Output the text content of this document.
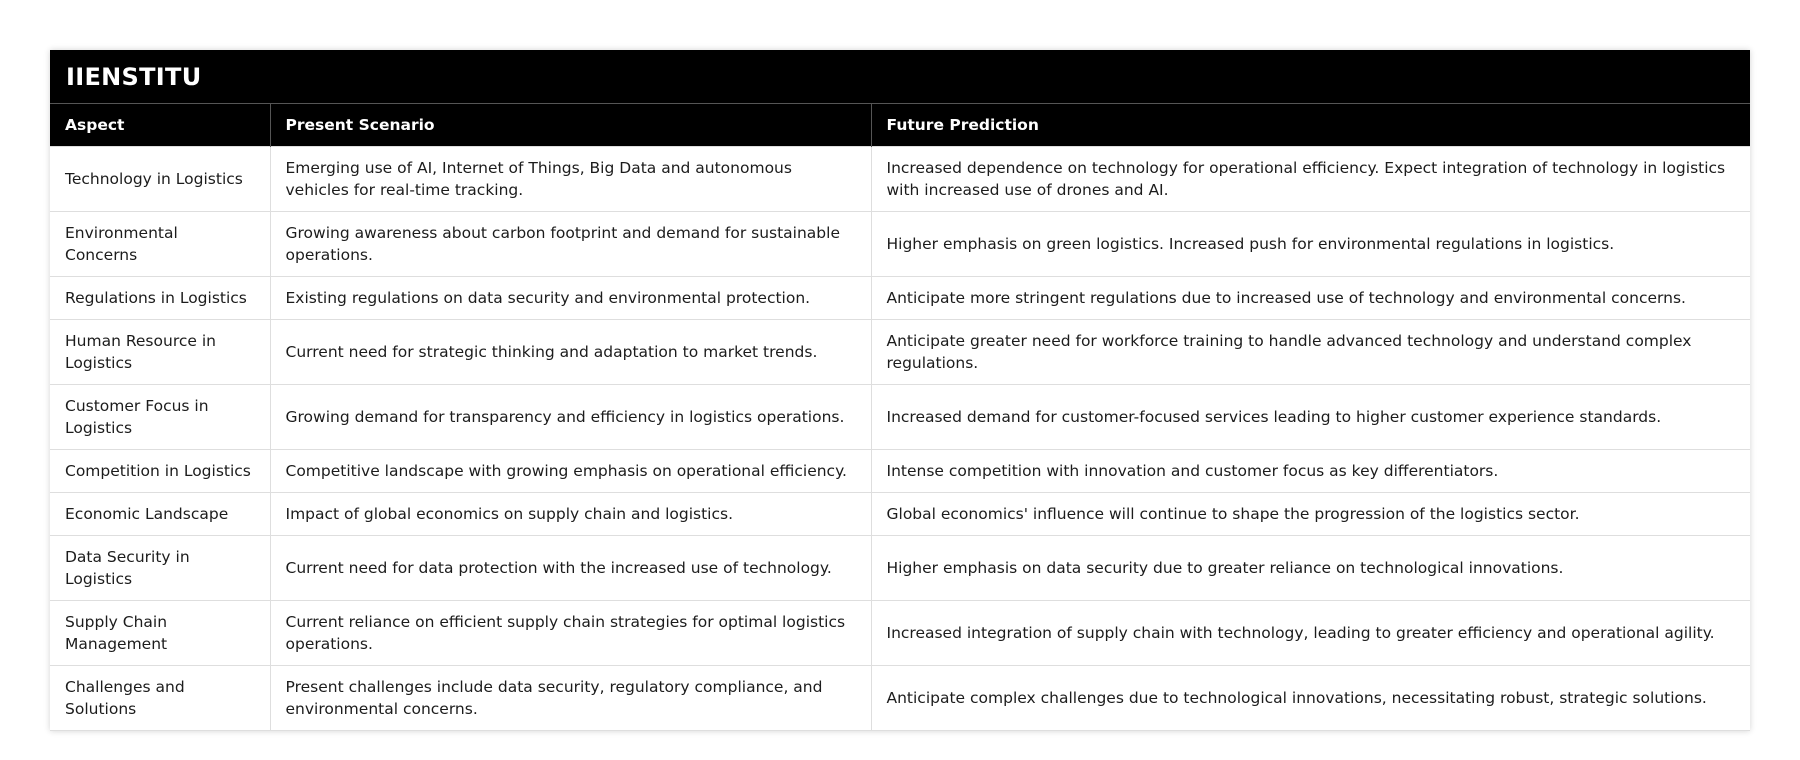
IIENSTITU
Aspect	Present Scenario	Future Prediction
Technology in Logistics	Emerging use of AI, Internet of Things, Big Data and autonomous vehicles for real-time tracking.	Increased dependence on technology for operational efficiency. Expect integration of technology in logistics with increased use of drones and AI.
Environmental Concerns	Growing awareness about carbon footprint and demand for sustainable operations.	Higher emphasis on green logistics. Increased push for environmental regulations in logistics.
Regulations in Logistics	Existing regulations on data security and environmental protection.	Anticipate more stringent regulations due to increased use of technology and environmental concerns.
Human Resource in Logistics	Current need for strategic thinking and adaptation to market trends.	Anticipate greater need for workforce training to handle advanced technology and understand complex regulations.
Customer Focus in Logistics	Growing demand for transparency and efficiency in logistics operations.	Increased demand for customer-focused services leading to higher customer experience standards.
Competition in Logistics	Competitive landscape with growing emphasis on operational efficiency.	Intense competition with innovation and customer focus as key differentiators.
Economic Landscape	Impact of global economics on supply chain and logistics.	Global economics' influence will continue to shape the progression of the logistics sector.
Data Security in Logistics	Current need for data protection with the increased use of technology.	Higher emphasis on data security due to greater reliance on technological innovations.
Supply Chain Management	Current reliance on efficient supply chain strategies for optimal logistics operations.	Increased integration of supply chain with technology, leading to greater efficiency and operational agility.
Challenges and Solutions	Present challenges include data security, regulatory compliance, and environmental concerns.	Anticipate complex challenges due to technological innovations, necessitating robust, strategic solutions.
